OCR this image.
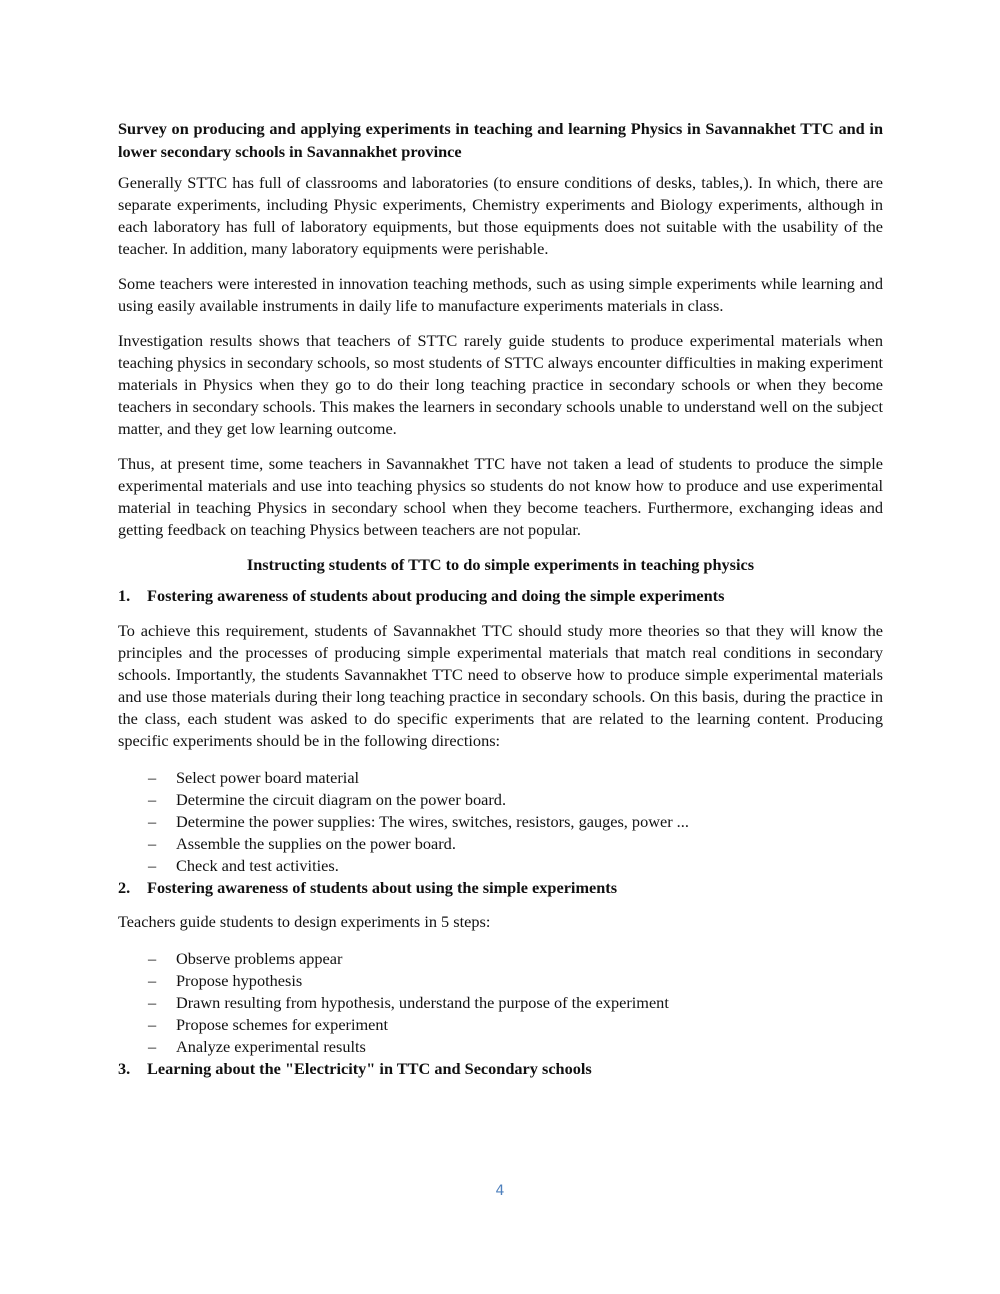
Survey on producing and applying experiments in teaching and learning Physics in Savannakhet TTC and in lower secondary schools in Savannakhet province

Generally STTC has full of classrooms and laboratories (to ensure conditions of desks, tables,). In which, there are separate experiments, including Physic experiments, Chemistry experiments and Biology experiments, although in each laboratory has full of laboratory equipments, but those equipments does not suitable with the usability of the teacher. In addition, many laboratory equipments were perishable.

Some teachers were interested in innovation teaching methods, such as using simple experiments while learning and using easily available instruments in daily life to manufacture experiments materials in class.

Investigation results shows that teachers of STTC rarely guide students to produce experimental materials when teaching physics in secondary schools, so most students of STTC always encounter difficulties in making experiment materials in Physics when they go to do their long teaching practice in secondary schools or when they become teachers in secondary schools. This makes the learners in secondary schools unable to understand well on the subject matter, and they get low learning outcome.

Thus, at present time, some teachers in Savannakhet TTC have not taken a lead of students to produce the simple experimental materials and use into teaching physics so students do not know how to produce and use experimental material in teaching Physics in secondary school when they become teachers. Furthermore, exchanging ideas and getting feedback on teaching Physics between teachers are not popular.

Instructing students of TTC to do simple experiments in teaching physics
1.	Fostering awareness of students about producing and doing the simple experiments

To achieve this requirement, students of Savannakhet TTC should study more theories so that they will know the principles and the processes of producing simple experimental materials that match real conditions in secondary schools. Importantly, the students Savannakhet TTC need to observe how to produce simple experimental materials and use those materials during their long teaching practice in secondary schools. On this basis, during the practice in the class, each student was asked to do specific experiments that are related to the learning content. Producing specific experiments should be in the following directions:

–	Select power board material
–	Determine the circuit diagram on the power board.
–	Determine the power supplies: The wires, switches, resistors, gauges, power ...
–	Assemble the supplies on the power board.
–	Check and test activities.
2.	Fostering awareness of students about using the simple experiments

Teachers guide students to design experiments in 5 steps:

–	Observe problems appear
–	Propose hypothesis
–	Drawn resulting from hypothesis, understand the purpose of the experiment
–	Propose schemes for experiment
–	Analyze experimental results
3.	Learning about the "Electricity" in TTC and Secondary schools
4
